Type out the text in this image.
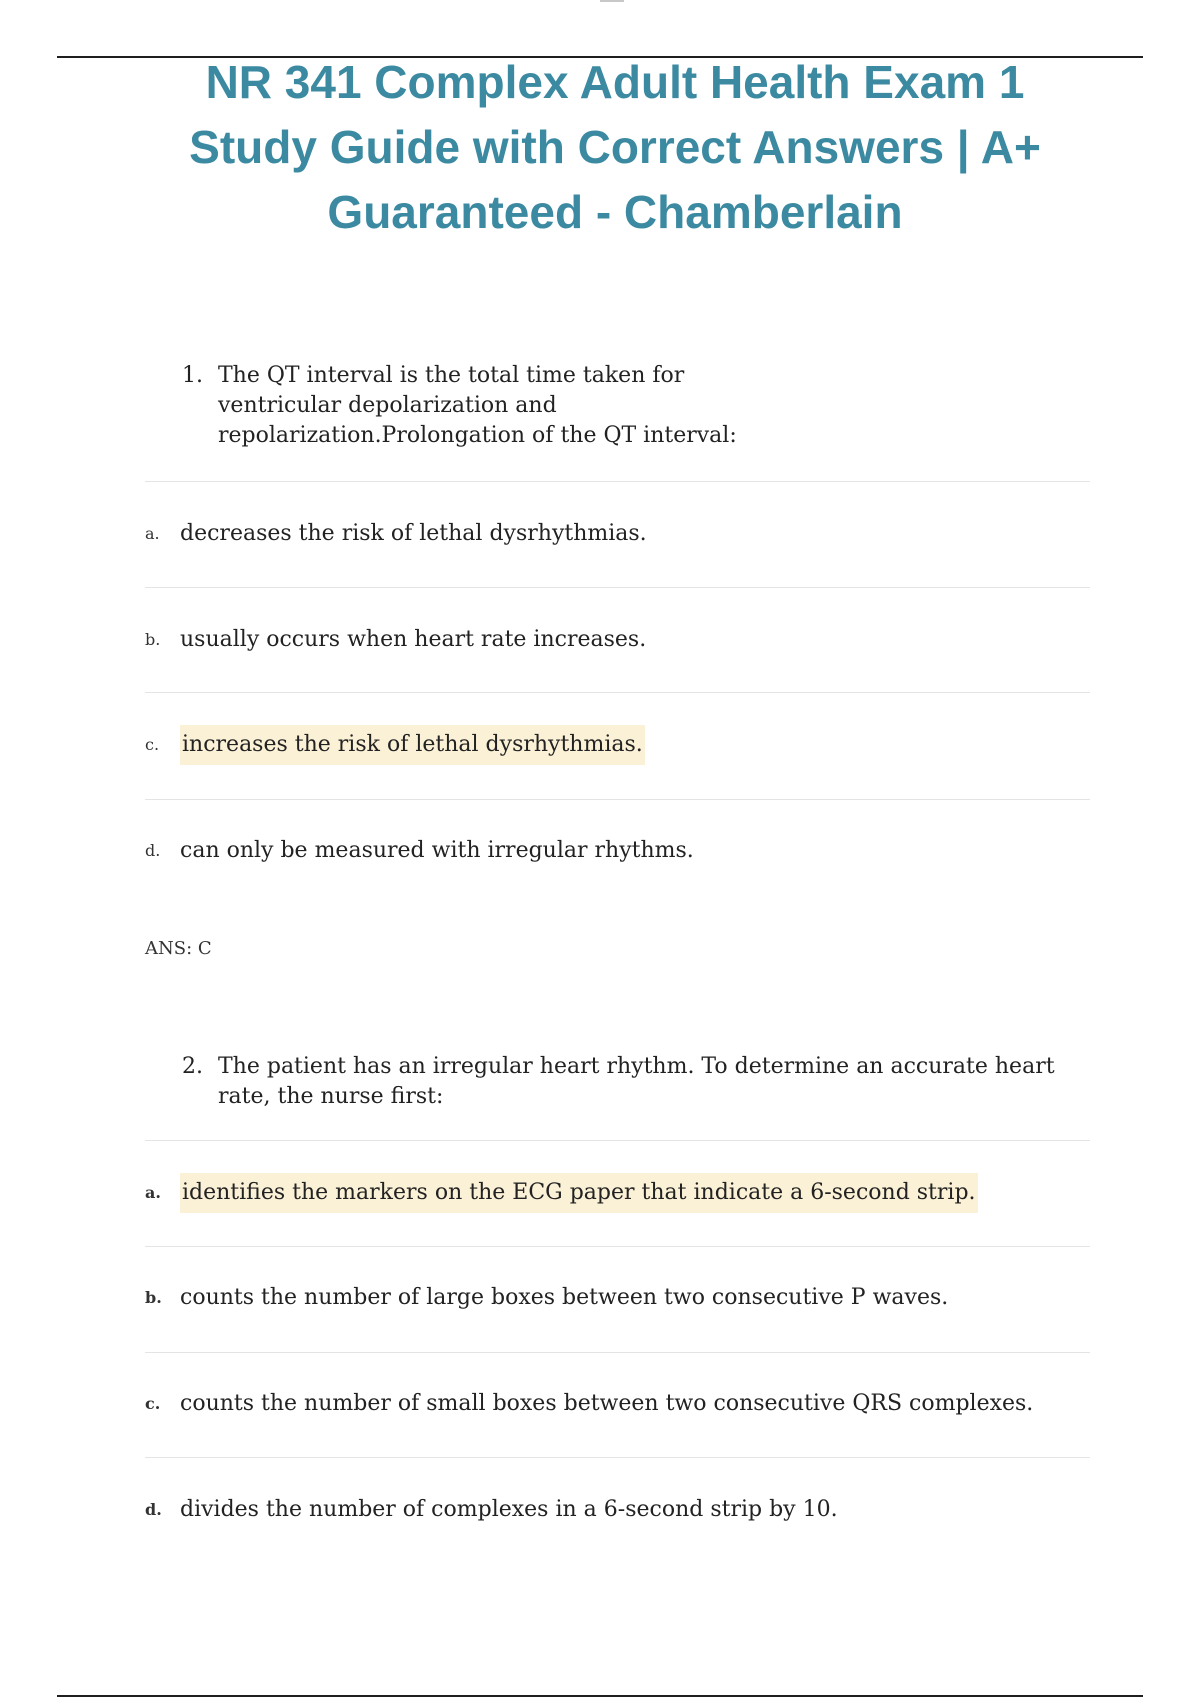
NR 341 Complex Adult Health Exam 1
Study Guide with Correct Answers | A+
Guaranteed - Chamberlain
1. The QT interval is the total time taken for ventricular depolarization and repolarization.Prolongation of the QT interval:
a. decreases the risk of lethal dysrhythmias.
b. usually occurs when heart rate increases.
c. increases the risk of lethal dysrhythmias.
d. can only be measured with irregular rhythms.
ANS: C
2. The patient has an irregular heart rhythm. To determine an accurate heart rate, the nurse first:
a. identifies the markers on the ECG paper that indicate a 6-second strip.
b. counts the number of large boxes between two consecutive P waves.
c. counts the number of small boxes between two consecutive QRS complexes.
d. divides the number of complexes in a 6-second strip by 10.
